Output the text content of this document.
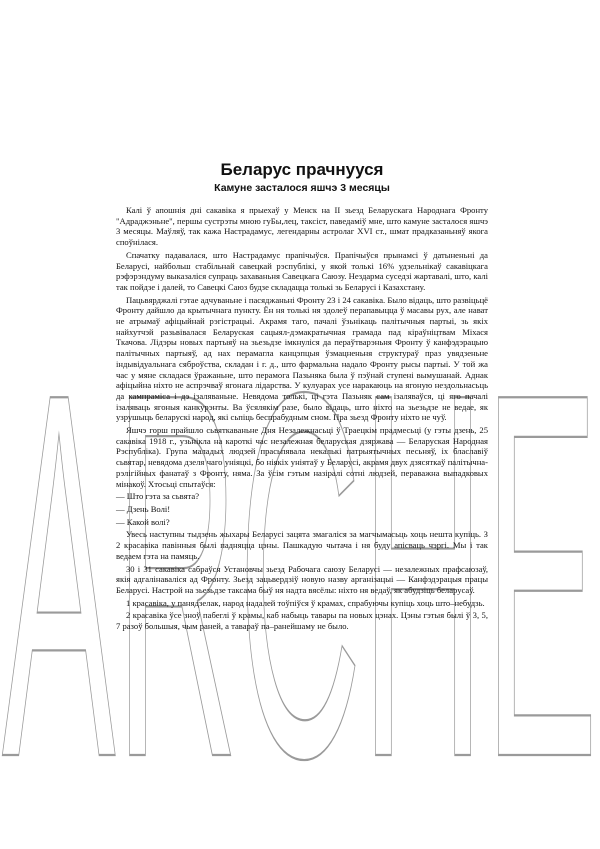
ARCHE
Беларус прачнууся
Камуне засталося яшчэ 3 месяцы

Калі ў апошнія дні сакавіка я прыехаў у Менск на II зьезд Беларускага Народнага Фронту "Адраджэньне", першы сустрэты мною гуБы,лец, таксіст, паведаміў мне, што камуне засталося яшчэ 3 месяцы. Маўляў, так кажа Настрадамус, легендарны астролаг XVI ст., шмат прадказаньняў якога споўнілася.

Спачатку падавалася, што Настрадамус прапічыўся. Прапічыўся прынамсі ў датыненьні да Беларусі, найбольш стабільнай савецкай рэспублікі, у якой толькі 16% удзельнікаў сакавіцкага рэфэрэндуму выказаліся супраць захаваньня Савецкага Саюзу. Нездарма суседзі жартавалі, што, калі так пойдзе і далей, то Савецкі Саюз будзе складацца толькі зь Беларусі і Казахстану.

Пацьвярджалі гэтае адчуваньне і пасяджаньні Фронту 23 і 24 сакавіка. Было відаць, што развіцьцё Фронту дайшло да крытычнага пункту. Ён ня толькі ня здолеў перапавыцца ў масавы рух, але нават не атрымаў афіцыйнай рэгістрацыі. Акрамя таго, пачалі ўзьнікаць палітычныя партыі, зь якіх найхутчэй разьвівалася Беларуская сацыял-дэмакратычная грамада пад кіраўніцтвам Міхася Ткачова. Лідэры новых партыяў на зьезьдзе імкнуліся да пераўтварэньня Фронту ў канфэдэрацыю палітычных партыяў, ад нах перамагла канцэпцыя ўзмацненьня структураў праз увядзеньне індывідуальнага сяброўства, складан і г. д., што фармальна надало Фронту рысы партыі. У той жа час у мяне складася ўражаньне, што перамога Пазьняка была ў пэўнай ступені вымушанай. Аднак афіцыйна ніхто не аспрэчваў ягонага лідарства. У кулуарах усе наракаюць на ягоную нездольнасьць да кампраміса і дэ ізаляваньне. Невядома толькі, ці гэта Пазьняк сам ізаляваўся, ці яго пачалі ізаляваць ягоныя канкурэнты. Ва ўсялякім разе, было відаць, што ніхто на зьезьдзе не ведае, як узрушыць беларускі народ, які сьпіць беспрабудным сном. Пра зьезд Фронту ніхто не чуў.

Яшчэ горш прайшло сьвяткаваньне Дня Незалежнасьці ў Траецкім прадмесьці (у гэты дзень, 25 сакавіка 1918 г., узьнікла на кароткі час незалежная беларуская дзяржава — Беларуская Народная Рэспубліка). Група маладых людзей прасьпявала некалькі патрыятычных песьняў, іх блаславіў сьвятар, невядома дзеля чаго уніяцкі, бо ніякіх уніятаў у Беларусі, акрамя двух дзясяткаў палітычна-рэлігійных фанатаў з Фронту, няма. За ўсім гэтым назіралі сотні людзей, пераважна выпадковых мінакоў. Хтосьці спытаўся:

— Што гэта за сьвята?

— Дзень Волі!

— Какой волі?

Увесь наступны тыдзень жыхары Беларусі зацята змагаліся за магчымасьць хоць нешта купіць. З 2 красавіка павінныя былі падняцца цэны. Пашкадую чытача і ня буду апісваць чэргі. Мы і так ведаем гэта на памяць.

30 і 31 сакавіка сабраўся Установчы зьезд Рабочага саюзу Беларусі — незалежных прафсаюзаў, якія адгалінаваліся ад Фронту. Зьезд зацьвердзіў новую назву арганізацыі — Канфэдэрацыя працы Беларусі. Настрой на зьезьдзе таксама быў ня надта вясёлы: ніхто ня ведаў, як абудзіць беларусаў.

1 красавіка, у панядзелак, народ надалей тоўпіўся ў крамах, спрабуючы купіць хоць што–небудзь.

2 красавіка ўсе зноў пабеглі ў крамы, каб набыць тавары па новых цэнах. Цэны гэтыя былі ў 3, 5, 7 разоў большыя, чым раней, а тавараў па–ранейшаму не было.
